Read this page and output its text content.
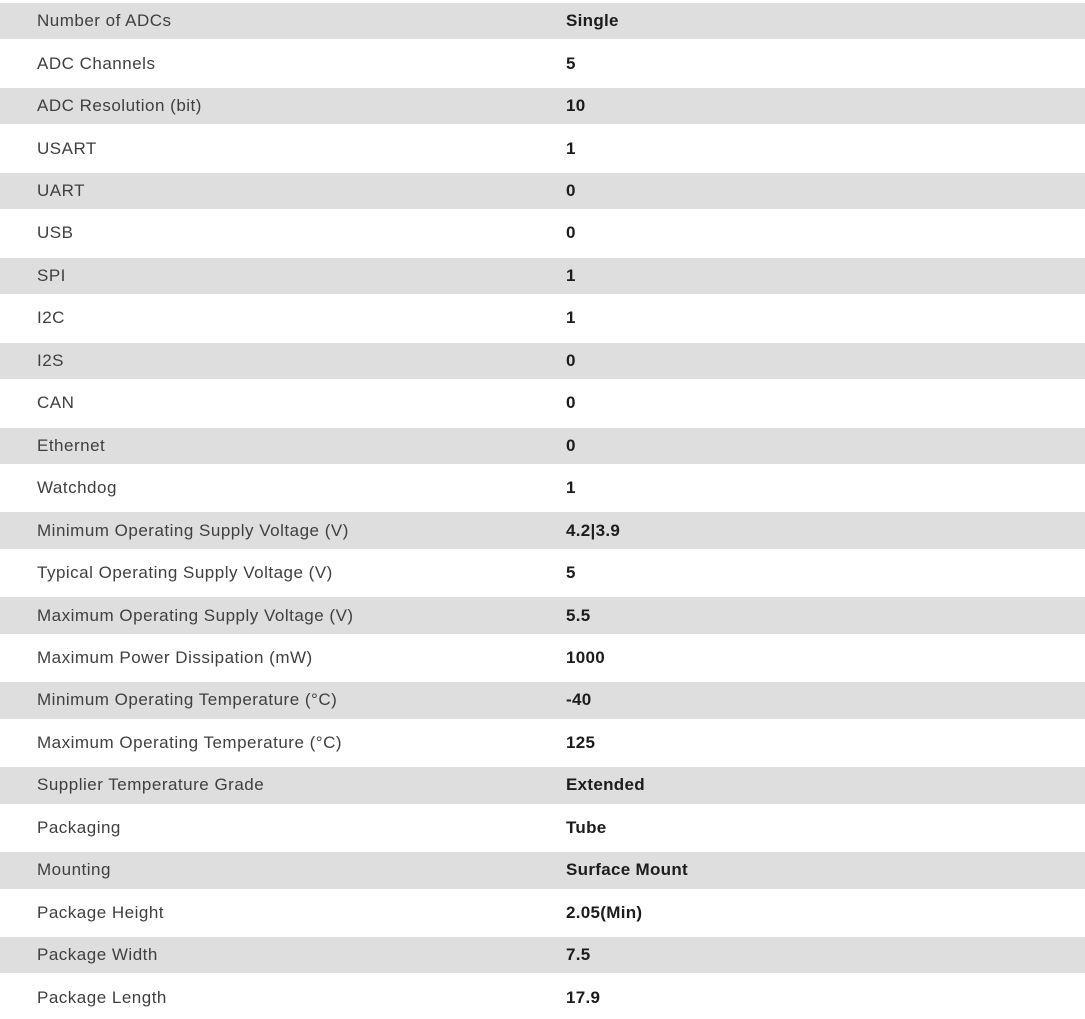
Number of ADCs	Single
ADC Channels	5
ADC Resolution (bit)	10
USART	1
UART	0
USB	0
SPI	1
I2C	1
I2S	0
CAN	0
Ethernet	0
Watchdog	1
Minimum Operating Supply Voltage (V)	4.2|3.9
Typical Operating Supply Voltage (V)	5
Maximum Operating Supply Voltage (V)	5.5
Maximum Power Dissipation (mW)	1000
Minimum Operating Temperature (°C)	-40
Maximum Operating Temperature (°C)	125
Supplier Temperature Grade	Extended
Packaging	Tube
Mounting	Surface Mount
Package Height	2.05(Min)
Package Width	7.5
Package Length	17.9
